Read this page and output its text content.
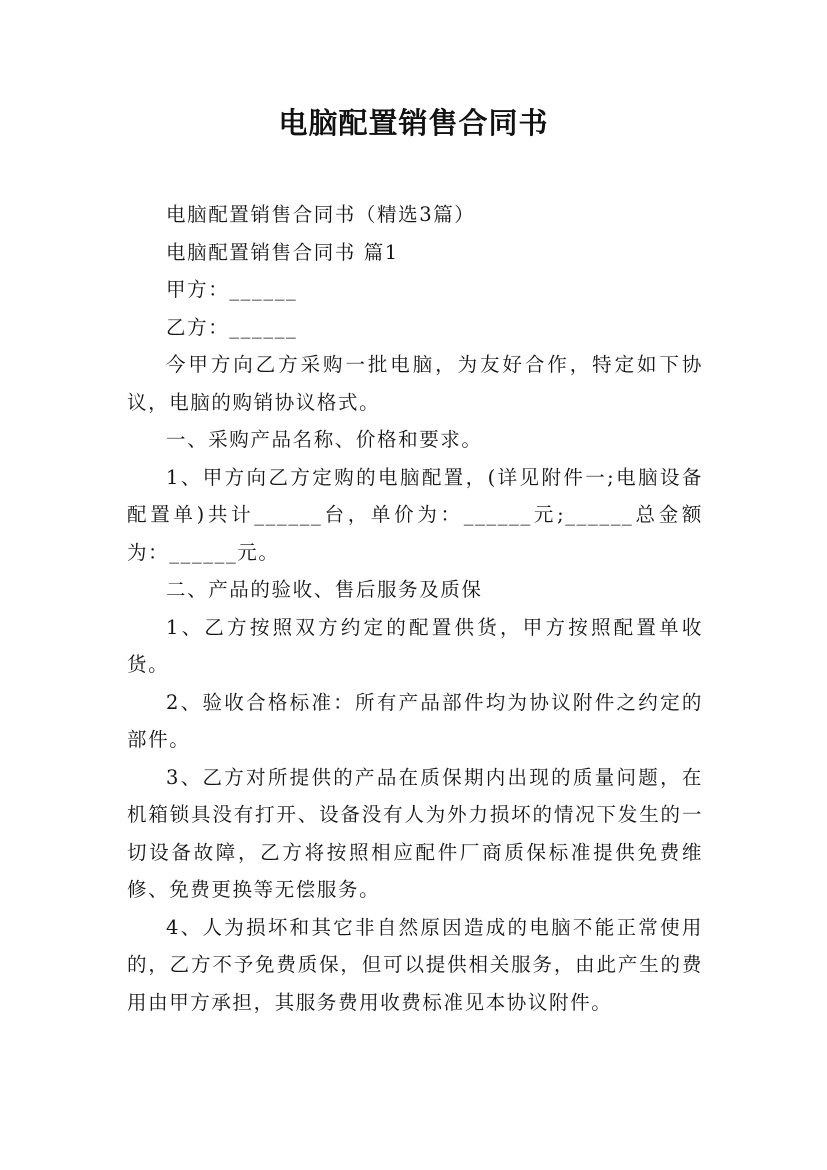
电脑配置销售合同书

电脑配置销售合同书（精选3篇）

电脑配置销售合同书 篇1

甲方：______

乙方：______

今甲方向乙方采购一批电脑，为友好合作，特定如下协议，电脑的购销协议格式。

一、采购产品名称、价格和要求。

1、甲方向乙方定购的电脑配置，(详见附件一;电脑设备配置单)共计______台，单价为：______元;______总金额为：______元。

二、产品的验收、售后服务及质保

1、乙方按照双方约定的配置供货，甲方按照配置单收货。

2、验收合格标准：所有产品部件均为协议附件之约定的部件。

3、乙方对所提供的产品在质保期内出现的质量问题，在机箱锁具没有打开、设备没有人为外力损坏的情况下发生的一切设备故障，乙方将按照相应配件厂商质保标准提供免费维修、免费更换等无偿服务。

4、人为损坏和其它非自然原因造成的电脑不能正常使用的，乙方不予免费质保，但可以提供相关服务，由此产生的费用由甲方承担，其服务费用收费标准见本协议附件。
